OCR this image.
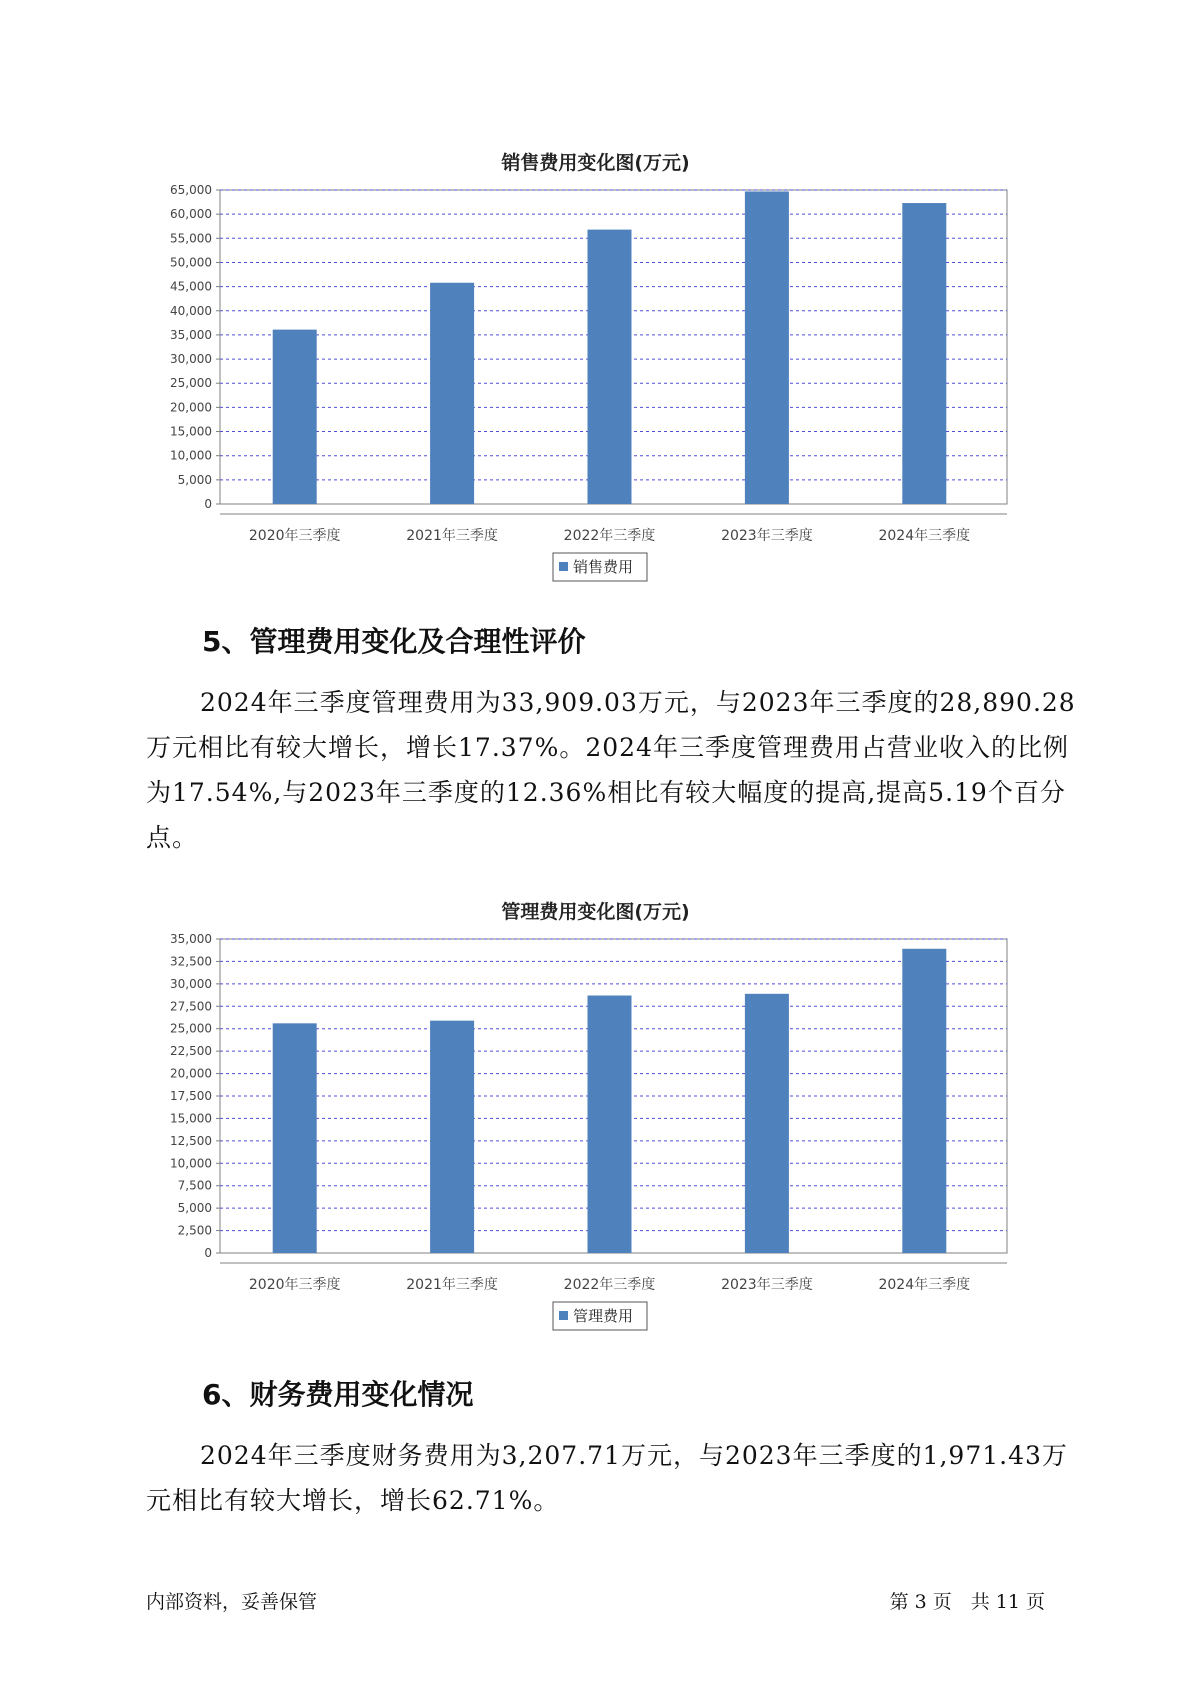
销售费用变化图(万元)
0
5,000
10,000
15,000
20,000
25,000
30,000
35,000
40,000
45,000
50,000
55,000
60,000
65,000
2020年三季度	2021年三季度	2022年三季度	2023年三季度	2024年三季度
销售费用
5、管理费用变化及合理性评价

2024年三季度管理费用为33,909.03万元，与2023年三季度的28,890.28万元相比有较大增长，增长17.37%。2024年三季度管理费用占营业收入的比例为17.54%,与2023年三季度的12.36%相比有较大幅度的提高,提高5.19个百分点。

管理费用变化图(万元)
0
2,500
5,000
7,500
10,000
12,500
15,000
17,500
20,000
22,500
25,000
27,500
30,000
32,500
35,000
2020年三季度	2021年三季度	2022年三季度	2023年三季度	2024年三季度
管理费用
6、财务费用变化情况

2024年三季度财务费用为3,207.71万元，与2023年三季度的1,971.43万元相比有较大增长，增长62.71%。

内部资料，妥善保管	第 3 页　共 11 页
